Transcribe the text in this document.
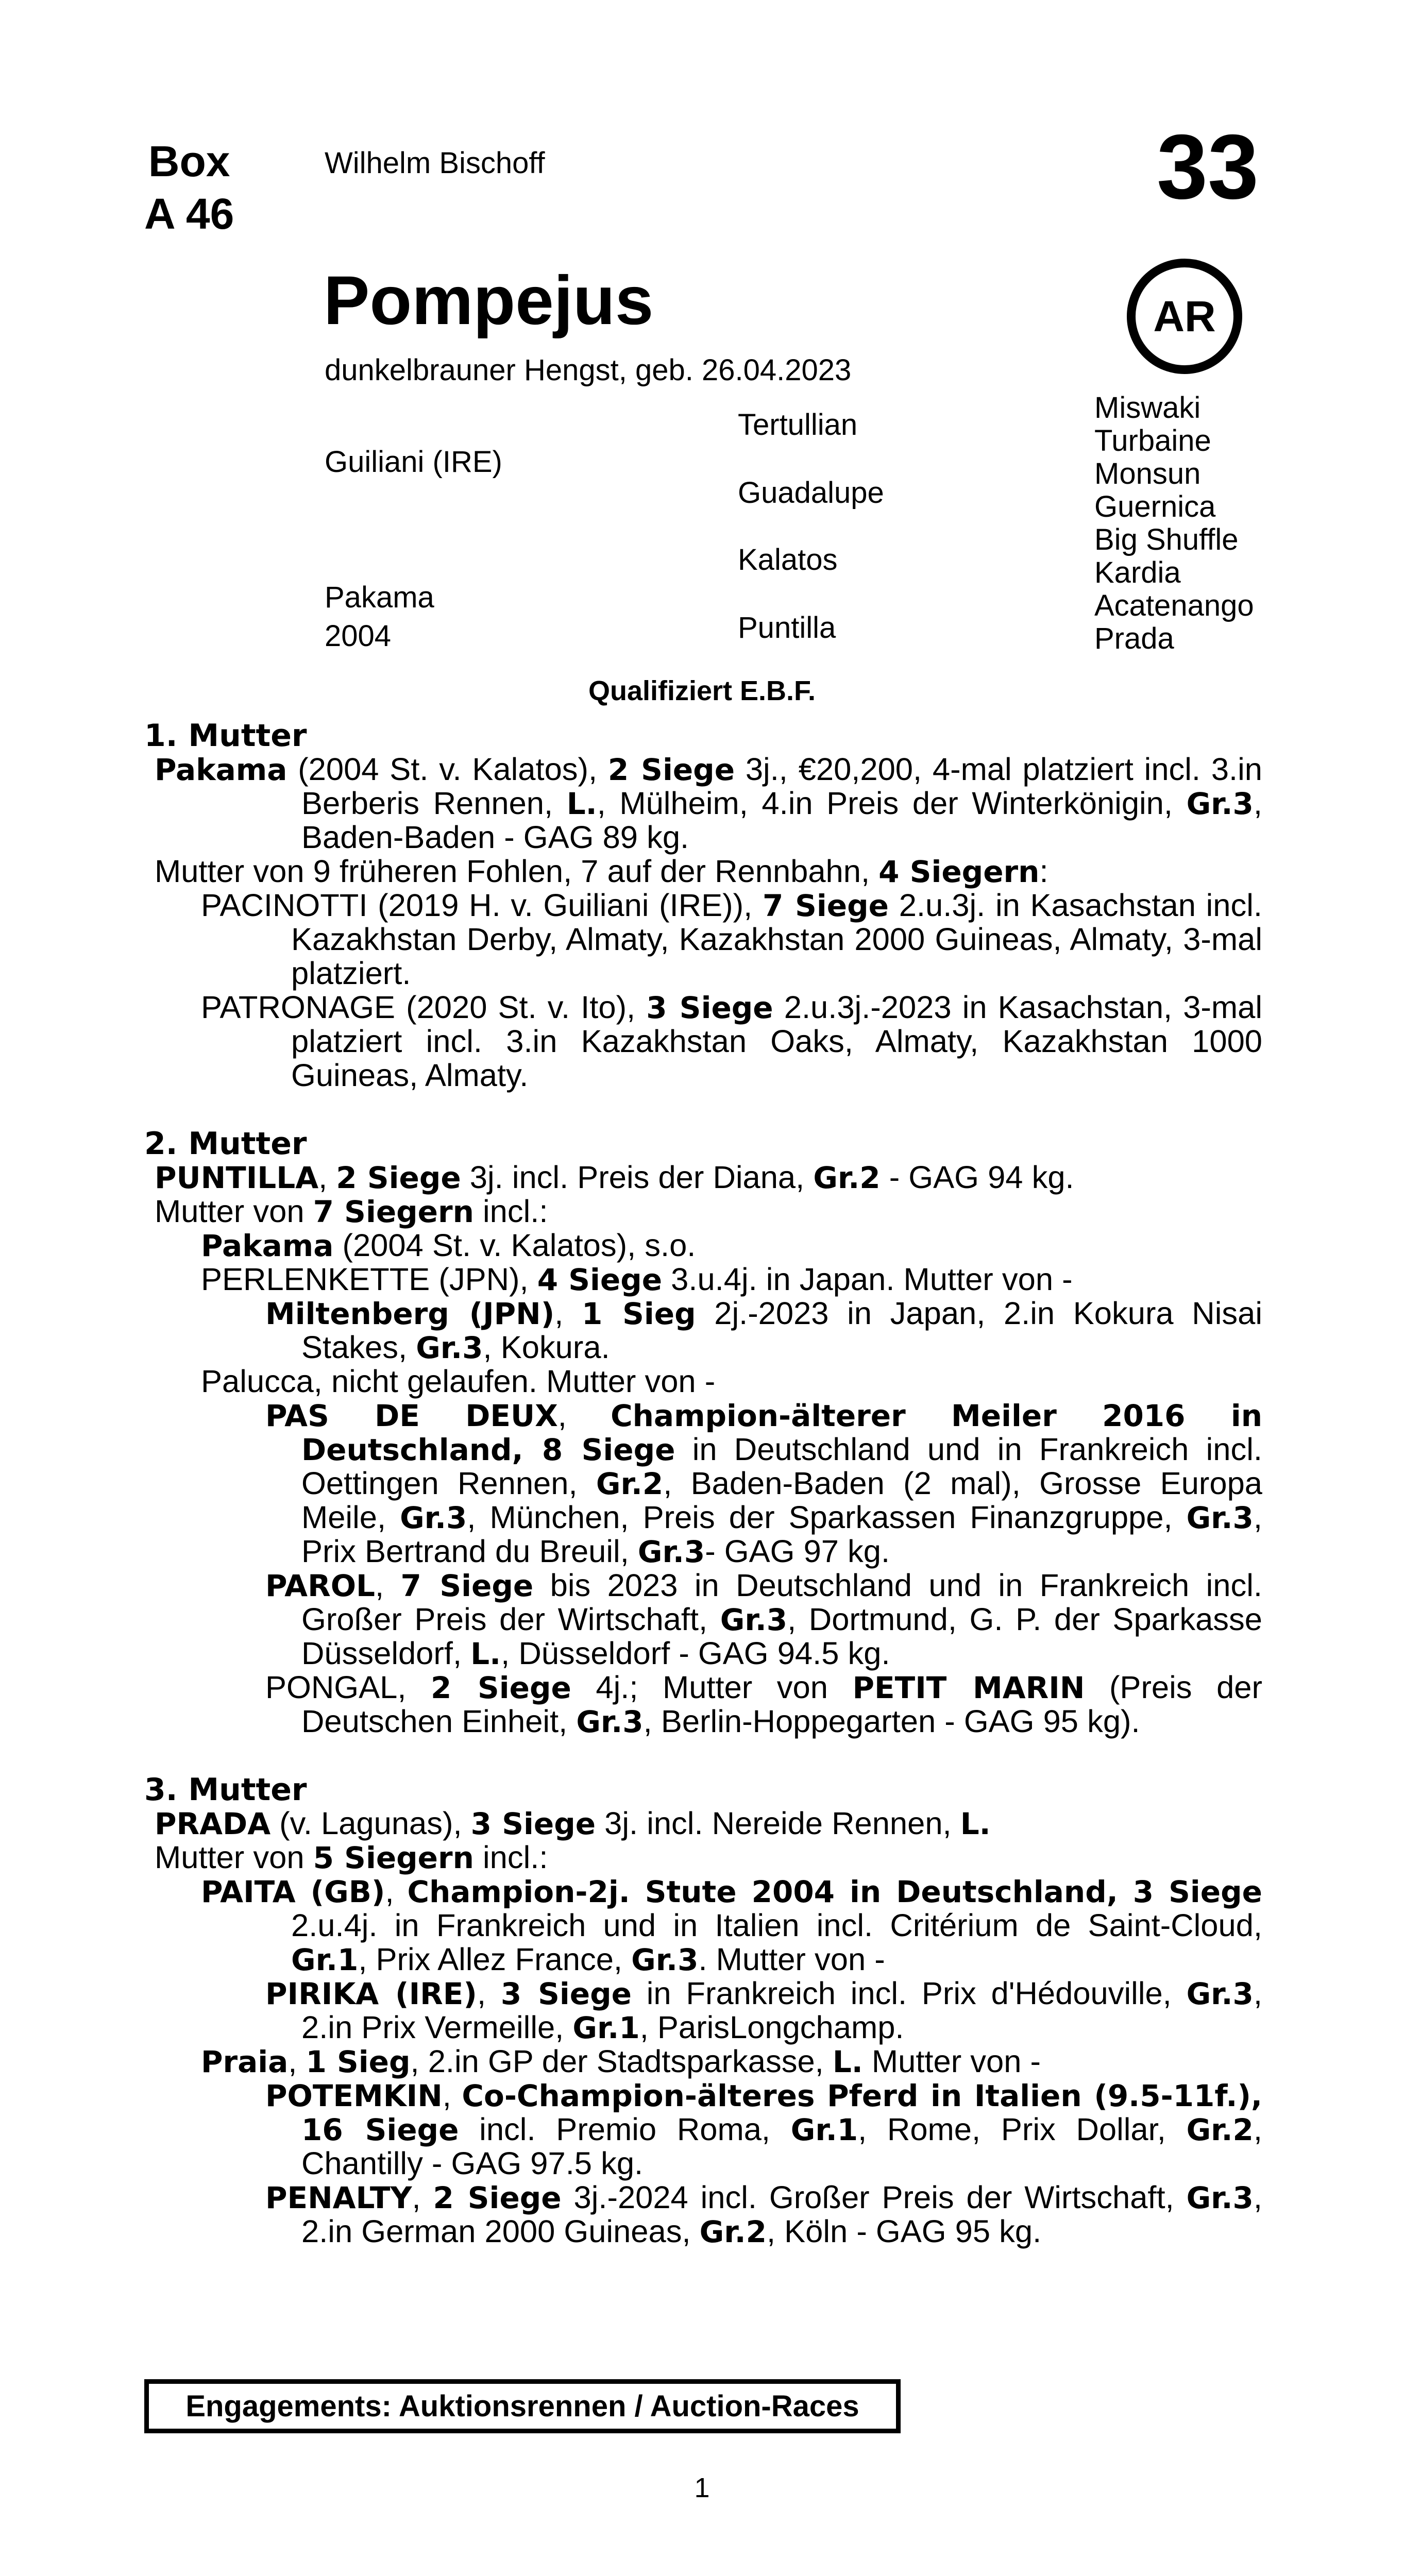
Box
A 46
Wilhelm Bischoff	33
AR
Pompejus
dunkelbrauner Hengst, geb. 26.04.2023
Guiliani (IRE)
Pakama
2004
Tertullian
Guadalupe
Kalatos
Puntilla
Miswaki
Turbaine
Monsun
Guernica
Big Shuffle
Kardia
Acatenango
Prada
Qualifiziert E.B.F.
1. Mutter

Pakama (2004 St. v. Kalatos), 2 Siege 3j., €20,200, 4-mal platziert incl. 3.in Berberis Rennen, L., Mülheim, 4.in Preis der Winterkönigin, Gr.3, Baden-Baden - GAG 89 kg.

Mutter von 9 früheren Fohlen, 7 auf der Rennbahn, 4 Siegern:

PACINOTTI (2019 H. v. Guiliani (IRE)), 7 Siege 2.u.3j. in Kasachstan incl. Kazakhstan Derby, Almaty, Kazakhstan 2000 Guineas, Almaty, 3-mal platziert.

PATRONAGE (2020 St. v. Ito), 3 Siege 2.u.3j.-2023 in Kasachstan, 3-mal platziert incl. 3.in Kazakhstan Oaks, Almaty, Kazakhstan 1000 Guineas, Almaty.

2. Mutter

PUNTILLA, 2 Siege 3j. incl. Preis der Diana, Gr.2 - GAG 94 kg.

Mutter von 7 Siegern incl.:

Pakama (2004 St. v. Kalatos), s.o.

PERLENKETTE (JPN), 4 Siege 3.u.4j. in Japan. Mutter von -

Miltenberg (JPN), 1 Sieg 2j.-2023 in Japan, 2.in Kokura Nisai Stakes, Gr.3, Kokura.

Palucca, nicht gelaufen. Mutter von -

PAS DE DEUX, Champion-älterer Meiler 2016 in Deutschland, 8 Siege in Deutschland und in Frankreich incl. Oettingen Rennen, Gr.2, Baden-Baden (2 mal), Grosse Europa Meile, Gr.3, München, Preis der Sparkassen Finanzgruppe, Gr.3, Prix Bertrand du Breuil, Gr.3- GAG 97 kg.

PAROL, 7 Siege bis 2023 in Deutschland und in Frankreich incl. Großer Preis der Wirtschaft, Gr.3, Dortmund, G. P. der Sparkasse Düsseldorf, L., Düsseldorf - GAG 94.5 kg.

PONGAL, 2 Siege 4j.; Mutter von PETIT MARIN (Preis der Deutschen Einheit, Gr.3, Berlin-Hoppegarten - GAG 95 kg).

3. Mutter

PRADA (v. Lagunas), 3 Siege 3j. incl. Nereide Rennen, L.

Mutter von 5 Siegern incl.:

PAITA (GB), Champion-2j. Stute 2004 in Deutschland, 3 Siege 2.u.4j. in Frankreich und in Italien incl. Critérium de Saint-Cloud, Gr.1, Prix Allez France, Gr.3. Mutter von -

PIRIKA (IRE), 3 Siege in Frankreich incl. Prix d'Hédouville, Gr.3, 2.in Prix Vermeille, Gr.1, ParisLongchamp.

Praia, 1 Sieg, 2.in GP der Stadtsparkasse, L. Mutter von -

POTEMKIN, Co-Champion-älteres Pferd in Italien (9.5-11f.), 16 Siege incl. Premio Roma, Gr.1, Rome, Prix Dollar, Gr.2, Chantilly - GAG 97.5 kg.

PENALTY, 2 Siege 3j.-2024 incl. Großer Preis der Wirtschaft, Gr.3, 2.in German 2000 Guineas, Gr.2, Köln - GAG 95 kg.

Engagements: Auktionsrennen / Auction-Races
1
